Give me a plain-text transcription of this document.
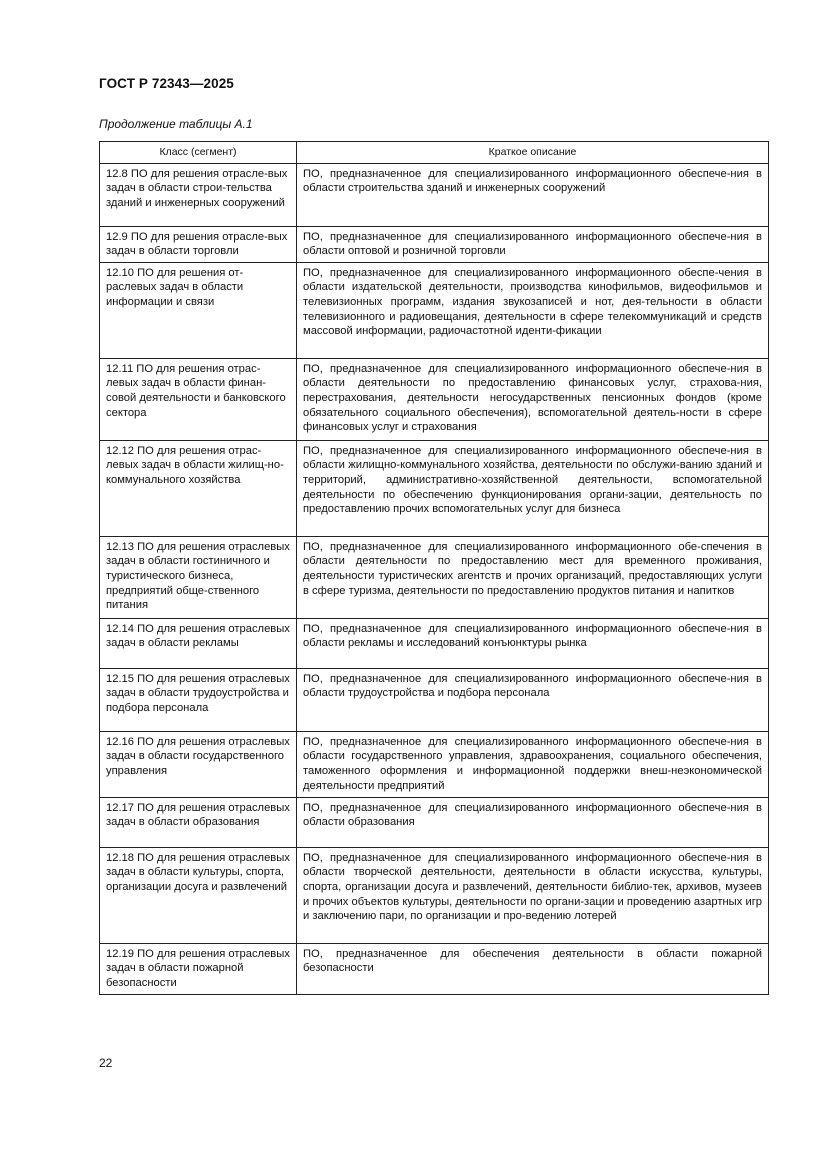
ГОСТ Р 72343—2025
Продолжение таблицы А.1
Класс (сегмент)	Краткое описание
12.8 ПО для решения отрасле-вых задач в области строи-тельства зданий и инженерных сооружений	ПО, предназначенное для специализированного информационного обеспече-ния в области строительства зданий и инженерных сооружений
12.9 ПО для решения отрасле-вых задач в области торговли	ПО, предназначенное для специализированного информационного обеспече-ния в области оптовой и розничной торговли
12.10 ПО для решения от-раслевых задач в области информации и связи	ПО, предназначенное для специализированного информационного обеспе-чения в области издательской деятельности, производства кинофильмов, видеофильмов и телевизионных программ, издания звукозаписей и нот, дея-тельности в области телевизионного и радиовещания, деятельности в сфере телекоммуникаций и средств массовой информации, радиочастотной иденти-фикации
12.11 ПО для решения отрас-левых задач в области финан-совой деятельности и банковского сектора	ПО, предназначенное для специализированного информационного обеспече-ния в области деятельности по предоставлению финансовых услуг, страхова-ния, перестрахования, деятельности негосударственных пенсионных фондов (кроме обязательного социального обеспечения), вспомогательной деятель-ности в сфере финансовых услуг и страхования
12.12 ПО для решения отрас-левых задач в области жилищ-но-коммунального хозяйства	ПО, предназначенное для специализированного информационного обеспече-ния в области жилищно-коммунального хозяйства, деятельности по обслужи-ванию зданий и территорий, административно-хозяйственной деятельности, вспомогательной деятельности по обеспечению функционирования органи-зации, деятельность по предоставлению прочих вспомогательных услуг для бизнеса
12.13 ПО для решения отраслевых задач в области гостиничного и туристического бизнеса, предприятий обще-ственного питания	ПО, предназначенное для специализированного информационного обе-спечения в области деятельности по предоставлению мест для временного проживания, деятельности туристических агентств и прочих организаций, предоставляющих услуги в сфере туризма, деятельности по предоставлению продуктов питания и напитков
12.14 ПО для решения отраслевых задач в области рекламы	ПО, предназначенное для специализированного информационного обеспече-ния в области рекламы и исследований конъюнктуры рынка
12.15 ПО для решения отраслевых задач в области трудоустройства и подбора персонала	ПО, предназначенное для специализированного информационного обеспече-ния в области трудоустройства и подбора персонала
12.16 ПО для решения отраслевых задач в области государственного управления	ПО, предназначенное для специализированного информационного обеспече-ния в области государственного управления, здравоохранения, социального обеспечения, таможенного оформления и информационной поддержки внеш-неэкономической деятельности предприятий
12.17 ПО для решения отраслевых задач в области образования	ПО, предназначенное для специализированного информационного обеспече-ния в области образования
12.18 ПО для решения отраслевых задач в области культуры, спорта, организации досуга и развлечений	ПО, предназначенное для специализированного информационного обеспече-ния в области творческой деятельности, деятельности в области искусства, культуры, спорта, организации досуга и развлечений, деятельности библио-тек, архивов, музеев и прочих объектов культуры, деятельности по органи-зации и проведению азартных игр и заключению пари, по организации и про-ведению лотерей
12.19 ПО для решения отраслевых задач в области пожарной безопасности	ПО, предназначенное для обеспечения деятельности в области пожарной безопасности
22
